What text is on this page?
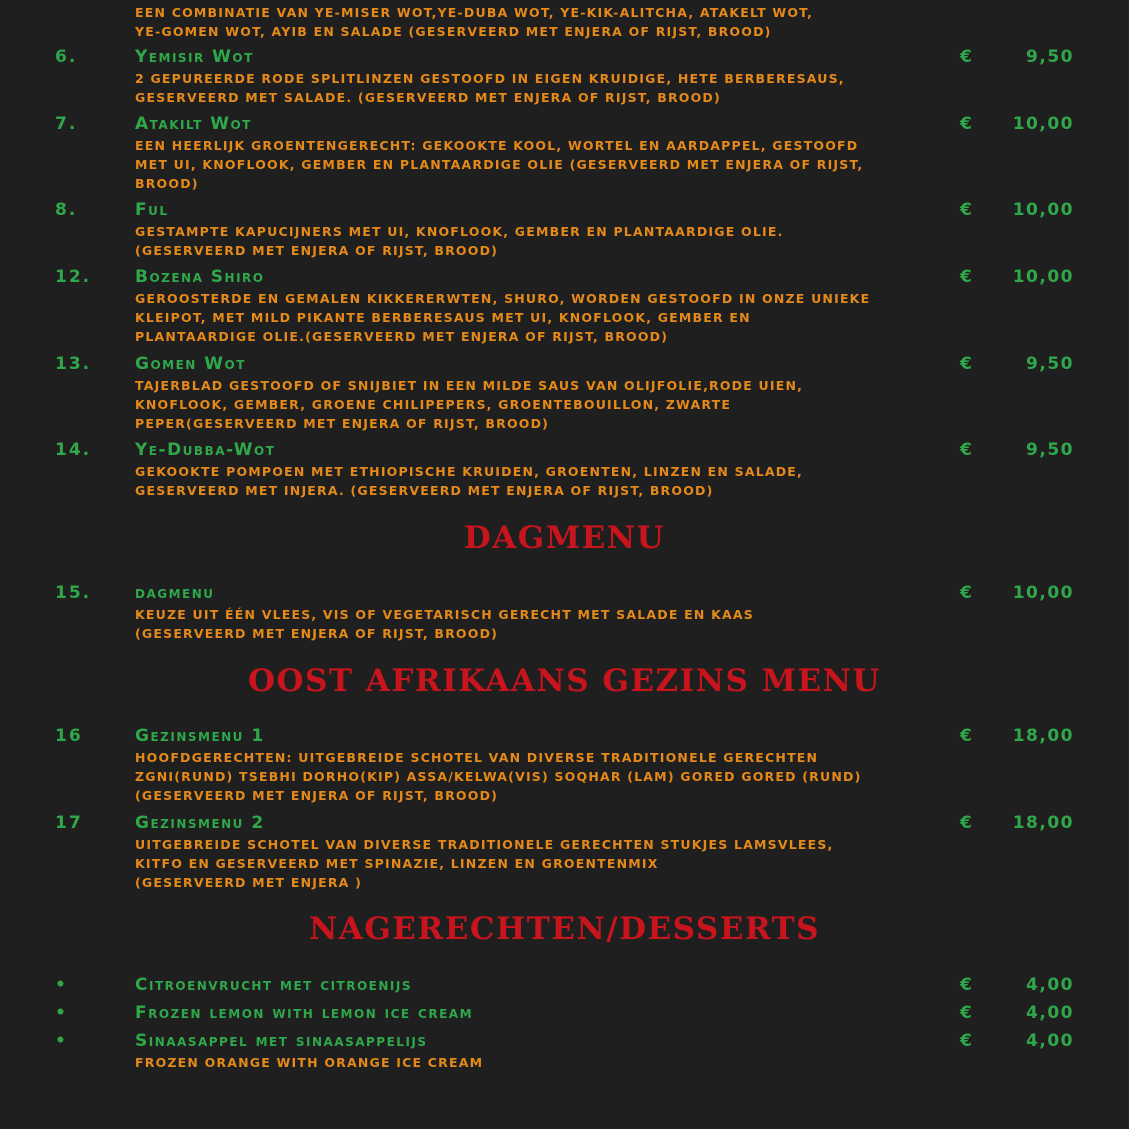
EEN COMBINATIE VAN YE-MISER WOT,YE-DUBA WOT, YE-KIK-ALITCHA, ATAKELT WOT,
YE-GOMEN WOT, AYIB EN SALADE (GESERVEERD MET ENJERA OF RIJST, BROOD)
6.	Yemisir Wot	€	9,50
2 GEPUREERDE RODE SPLITLINZEN GESTOOFD IN EIGEN KRUIDIGE, HETE BERBERESAUS,
GESERVEERD MET SALADE. (GESERVEERD MET ENJERA OF RIJST, BROOD)
7.	Atakilt Wot	€ 10,00
EEN HEERLIJK GROENTENGERECHT: GEKOOKTE KOOL, WORTEL EN AARDAPPEL, GESTOOFD
MET UI, KNOFLOOK, GEMBER EN PLANTAARDIGE OLIE (GESERVEERD MET ENJERA OF RIJST,
BROOD)
8.	Ful	€ 10,00
GESTAMPTE KAPUCIJNERS MET UI, KNOFLOOK, GEMBER EN PLANTAARDIGE OLIE.
(GESERVEERD MET ENJERA OF RIJST, BROOD)
12.	Bozena Shiro	€ 10,00
GEROOSTERDE EN GEMALEN KIKKERERWTEN, SHURO, WORDEN GESTOOFD IN ONZE UNIEKE
KLEIPOT, MET MILD PIKANTE BERBERESAUS MET UI, KNOFLOOK, GEMBER EN
PLANTAARDIGE OLIE.(GESERVEERD MET ENJERA OF RIJST, BROOD)
13.	Gomen Wot	€	9,50
TAJERBLAD GESTOOFD OF SNIJBIET IN EEN MILDE SAUS VAN OLIJFOLIE,RODE UIEN,
KNOFLOOK, GEMBER, GROENE CHILIPEPERS, GROENTEBOUILLON, ZWARTE
PEPER(GESERVEERD MET ENJERA OF RIJST, BROOD)
14.	Ye-Dubba-Wot	€	9,50
GEKOOKTE POMPOEN MET ETHIOPISCHE KRUIDEN, GROENTEN, LINZEN EN SALADE,
GESERVEERD MET INJERA. (GESERVEERD MET ENJERA OF RIJST, BROOD)
DAGMENU
15.	dagmenu	€ 10,00
KEUZE UIT ÉÉN VLEES, VIS OF VEGETARISCH GERECHT MET SALADE EN KAAS
(GESERVEERD MET ENJERA OF RIJST, BROOD)
OOST AFRIKAANS GEZINS MENU
16	Gezinsmenu 1	€ 18,00
HOOFDGERECHTEN: UITGEBREIDE SCHOTEL VAN DIVERSE TRADITIONELE GERECHTEN
ZGNI(RUND) TSEBHI DORHO(KIP) ASSA/KELWA(VIS) SOQHAR (LAM) GORED GORED (RUND)
(GESERVEERD MET ENJERA OF RIJST, BROOD)
17	Gezinsmenu 2	€ 18,00
UITGEBREIDE SCHOTEL VAN DIVERSE TRADITIONELE GERECHTEN STUKJES LAMSVLEES,
KITFO EN GESERVEERD MET SPINAZIE, LINZEN EN GROENTENMIX
(GESERVEERD MET ENJERA )
NAGERECHTEN/DESSERTS
•	Citroenvrucht met citroenijs	€	4,00
•	Frozen lemon with lemon ice cream	€	4,00
•	Sinaasappel met sinaasappelijs	€	4,00
FROZEN ORANGE WITH ORANGE ICE CREAM
